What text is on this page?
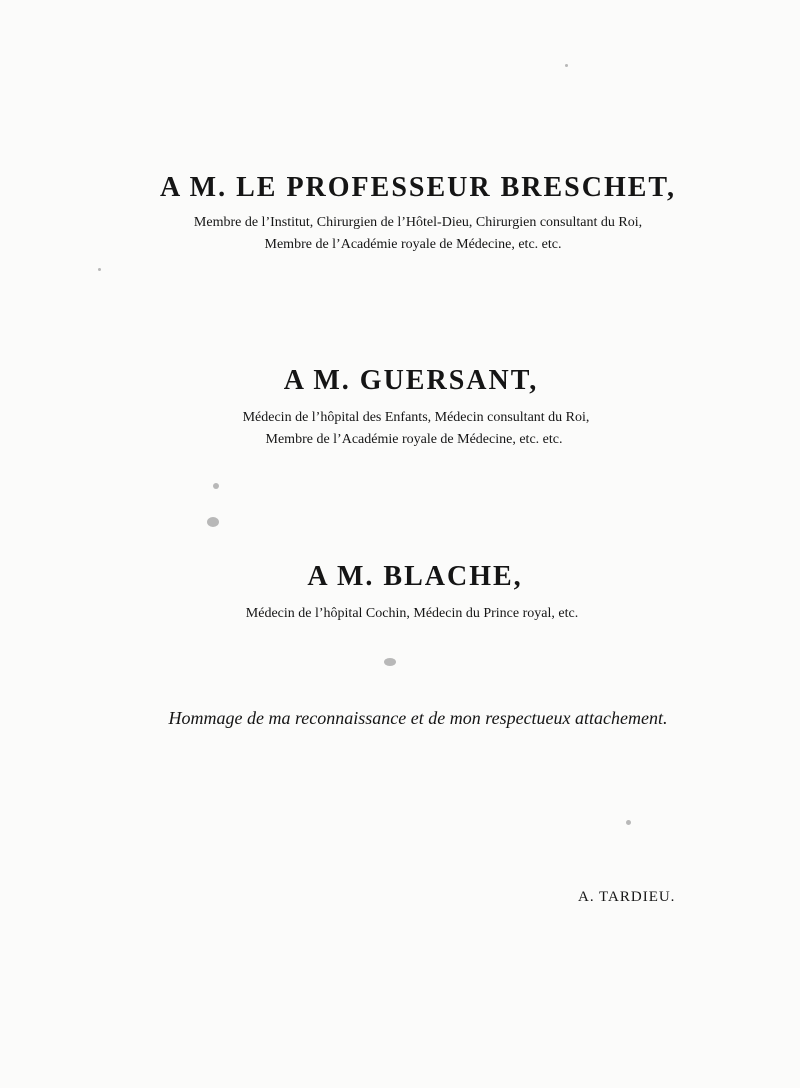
A M. LE PROFESSEUR BRESCHET,
Membre de l’Institut, Chirurgien de l’Hôtel-Dieu, Chirurgien consultant du Roi,
Membre de l’Académie royale de Médecine, etc. etc.
A M. GUERSANT,
Médecin de l’hôpital des Enfants, Médecin consultant du Roi,
Membre de l’Académie royale de Médecine, etc. etc.
A M. BLACHE,
Médecin de l’hôpital Cochin, Médecin du Prince royal, etc.
Hommage de ma reconnaissance et de mon respectueux attachement.
A. TARDIEU.
